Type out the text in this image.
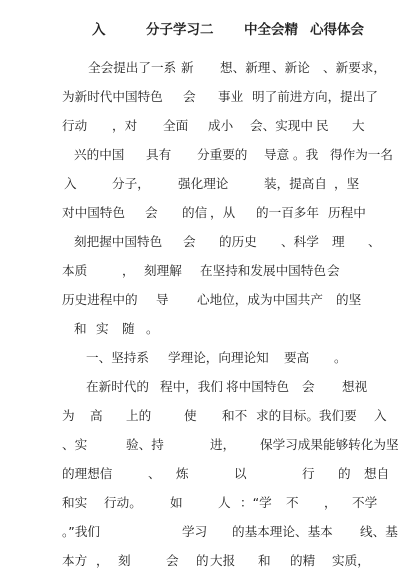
入	分子学习二 中全会精 心得体会
全会提出了一系 新 想、新理 、新论 、新要求，
为新时代中国特色 会 事业 明了前进方向，提出了
行动 ，对 全面 成小 会、实现中 民 大
兴的中国 具有 分重要的 导意 。我 得作为一名
入	分子， 强化理论	装，提高自 ，坚
对中国特色 会 的信 ，从 的一百多年 历程中
刻把握中国特色 会 的历史 、科学 理 、
本质	， 刻理解 在坚持和发展中国特色 会
历史进程中的 导 心地位，成为中国共产 的坚
和 实 随 。
一、坚持系 学理论，向理论知 要高 。
在新时代的 程中，我们 将中国特色 会 想视
为 高 上的	使 和不 求的目标。我们要 入
、实	验、持	进， 保学习成果能够转化为坚
的理想信	、 炼	以	行 的 想自
和实 行动。 如	人 ：“学 不 ， 不学
。”我们	学习 的基本理论、基本 线、基
本方 ， 刻	会 的 大报 和 的精 实质，
